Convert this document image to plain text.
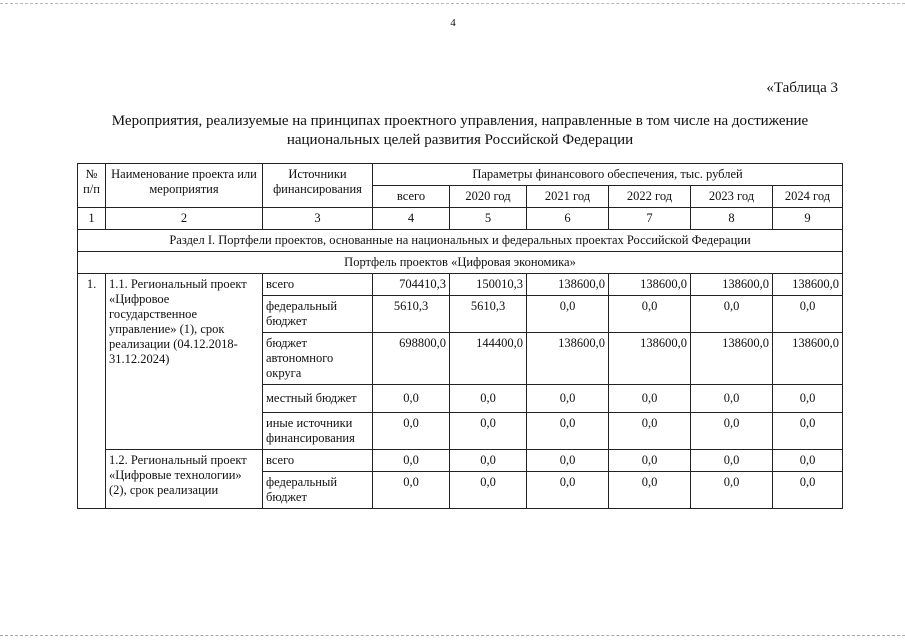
4
«Таблица 3
Мероприятия, реализуемые на принципах проектного управления, направленные в том числе на достижение
национальных целей развития Российской Федерации
№ п/п	Наименование проекта или мероприятия	Источники финансирования	Параметры финансового обеспечения, тыс. рублей					
			всего	2020 год	2021 год	2022 год	2023 год	2024 год
1	2	3	4	5	6	7	8	9
Раздел I. Портфели проектов, основанные на национальных и федеральных проектах Российской Федерации								
Портфель проектов «Цифровая экономика»								
1.	1.1. Региональный проект «Цифровое государственное управление» (1), срок реализации (04.12.2018-31.12.2024)	всего	704410,3	150010,3	138600,0	138600,0	138600,0	138600,0
		федеральный бюджет	5610,3	5610,3	0,0	0,0	0,0	0,0
		бюджет автономного округа	698800,0	144400,0	138600,0	138600,0	138600,0	138600,0
		местный бюджет	0,0	0,0	0,0	0,0	0,0	0,0
		иные источники финансирования	0,0	0,0	0,0	0,0	0,0	0,0
	1.2. Региональный проект «Цифровые технологии» (2), срок реализации	всего	0,0	0,0	0,0	0,0	0,0	0,0
		федеральный бюджет	0,0	0,0	0,0	0,0	0,0	0,0
